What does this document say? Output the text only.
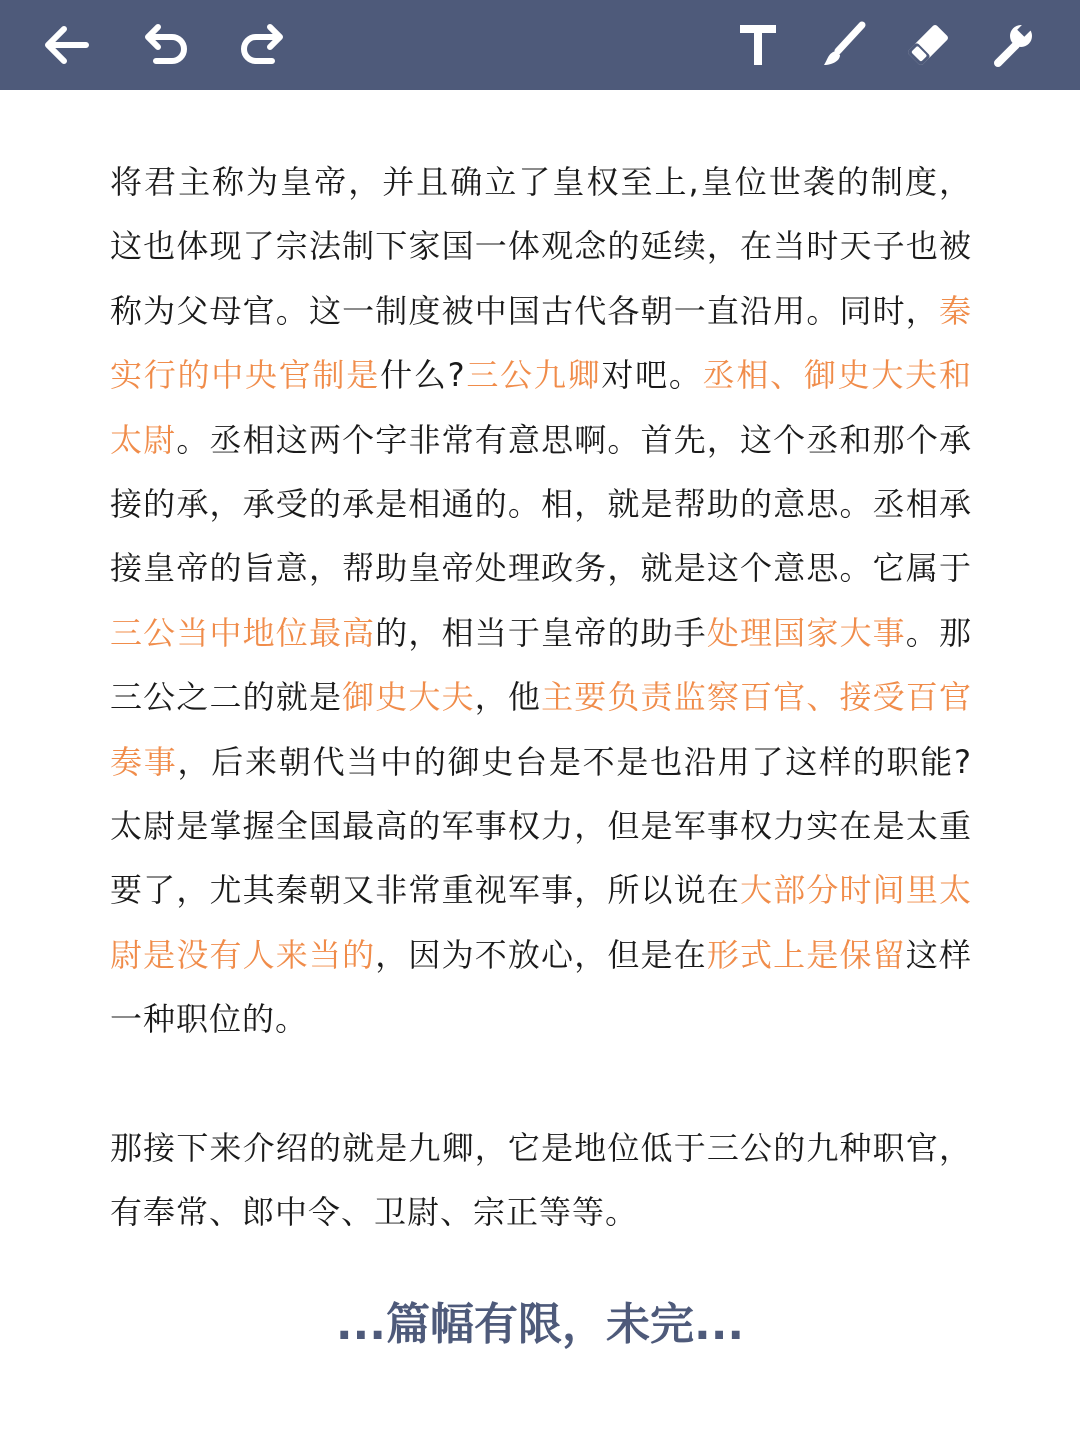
将君主称为皇帝，并且确立了皇权至上,皇位世袭的制度，这也体现了宗法制下家国一体观念的延续，在当时天子也被称为父母官。这一制度被中国古代各朝一直沿用。同时，秦实行的中央官制是什么?三公九卿对吧。丞相、御史大夫和太尉。丞相这两个字非常有意思啊。首先，这个丞和那个承接的承，承受的承是相通的。相，就是帮助的意思。丞相承接皇帝的旨意，帮助皇帝处理政务，就是这个意思。它属于三公当中地位最高的，相当于皇帝的助手处理国家大事。那三公之二的就是御史大夫，他主要负责监察百官、接受百官奏事，后来朝代当中的御史台是不是也沿用了这样的职能?太尉是掌握全国最高的军事权力，但是军事权力实在是太重要了，尤其秦朝又非常重视军事，所以说在大部分时间里太尉是没有人来当的，因为不放心，但是在形式上是保留这样一种职位的。

那接下来介绍的就是九卿，它是地位低于三公的九种职官，有奉常、郎中令、卫尉、宗正等等。

...篇幅有限，未完...
